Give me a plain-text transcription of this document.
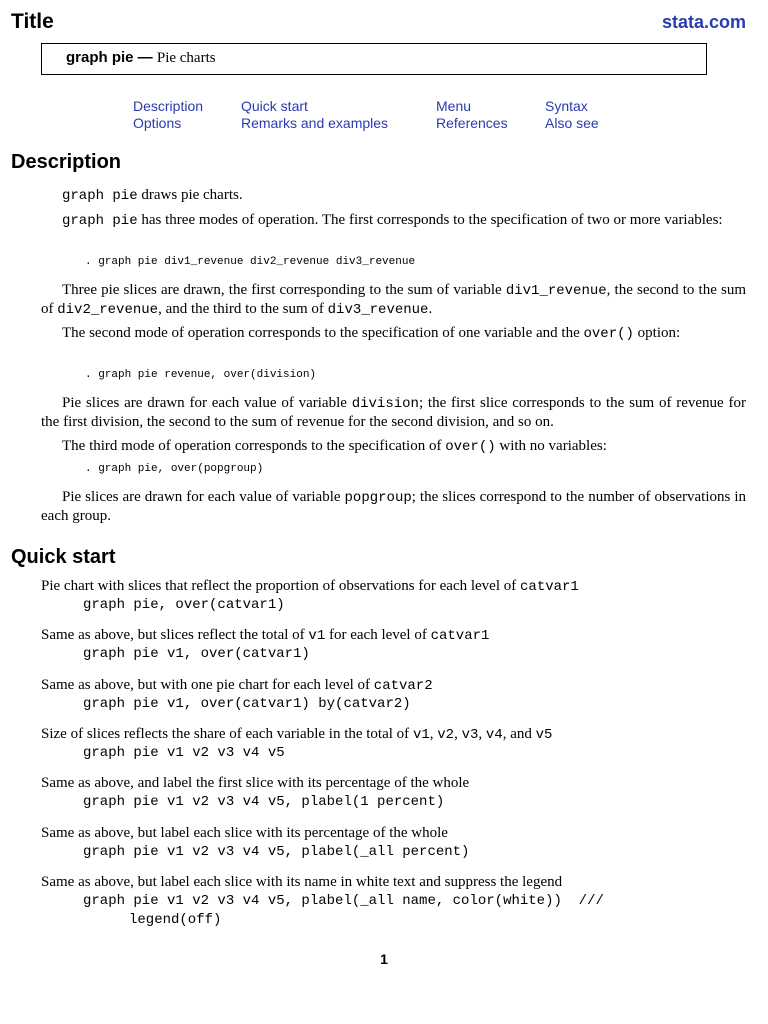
Title	stata.com
graph pie — Pie charts
Description
Options
Quick start
Remarks and examples
Menu
References
Syntax
Also see
Description

graph pie draws pie charts.

graph pie has three modes of operation. The first corresponds to the specification of two or more variables:

. graph pie div1_revenue div2_revenue div3_revenue

Three pie slices are drawn, the first corresponding to the sum of variable div1_revenue, the second to the sum of div2_revenue, and the third to the sum of div3_revenue.

The second mode of operation corresponds to the specification of one variable and the over() option:

. graph pie revenue, over(division)

Pie slices are drawn for each value of variable division; the first slice corresponds to the sum of revenue for the first division, the second to the sum of revenue for the second division, and so on.

The third mode of operation corresponds to the specification of over() with no variables:

. graph pie, over(popgroup)

Pie slices are drawn for each value of variable popgroup; the slices correspond to the number of observations in each group.

Quick start
Pie chart with slices that reflect the proportion of observations for each level of catvar1
graph pie, over(catvar1)
Same as above, but slices reflect the total of v1 for each level of catvar1
graph pie v1, over(catvar1)
Same as above, but with one pie chart for each level of catvar2
graph pie v1, over(catvar1) by(catvar2)
Size of slices reflects the share of each variable in the total of v1, v2, v3, v4, and v5
graph pie v1 v2 v3 v4 v5
Same as above, and label the first slice with its percentage of the whole
graph pie v1 v2 v3 v4 v5, plabel(1 percent)
Same as above, but label each slice with its percentage of the whole
graph pie v1 v2 v3 v4 v5, plabel(_all percent)
Same as above, but label each slice with its name in white text and suppress the legend
graph pie v1 v2 v3 v4 v5, plabel(_all name, color(white))  ///
legend(off)
1
